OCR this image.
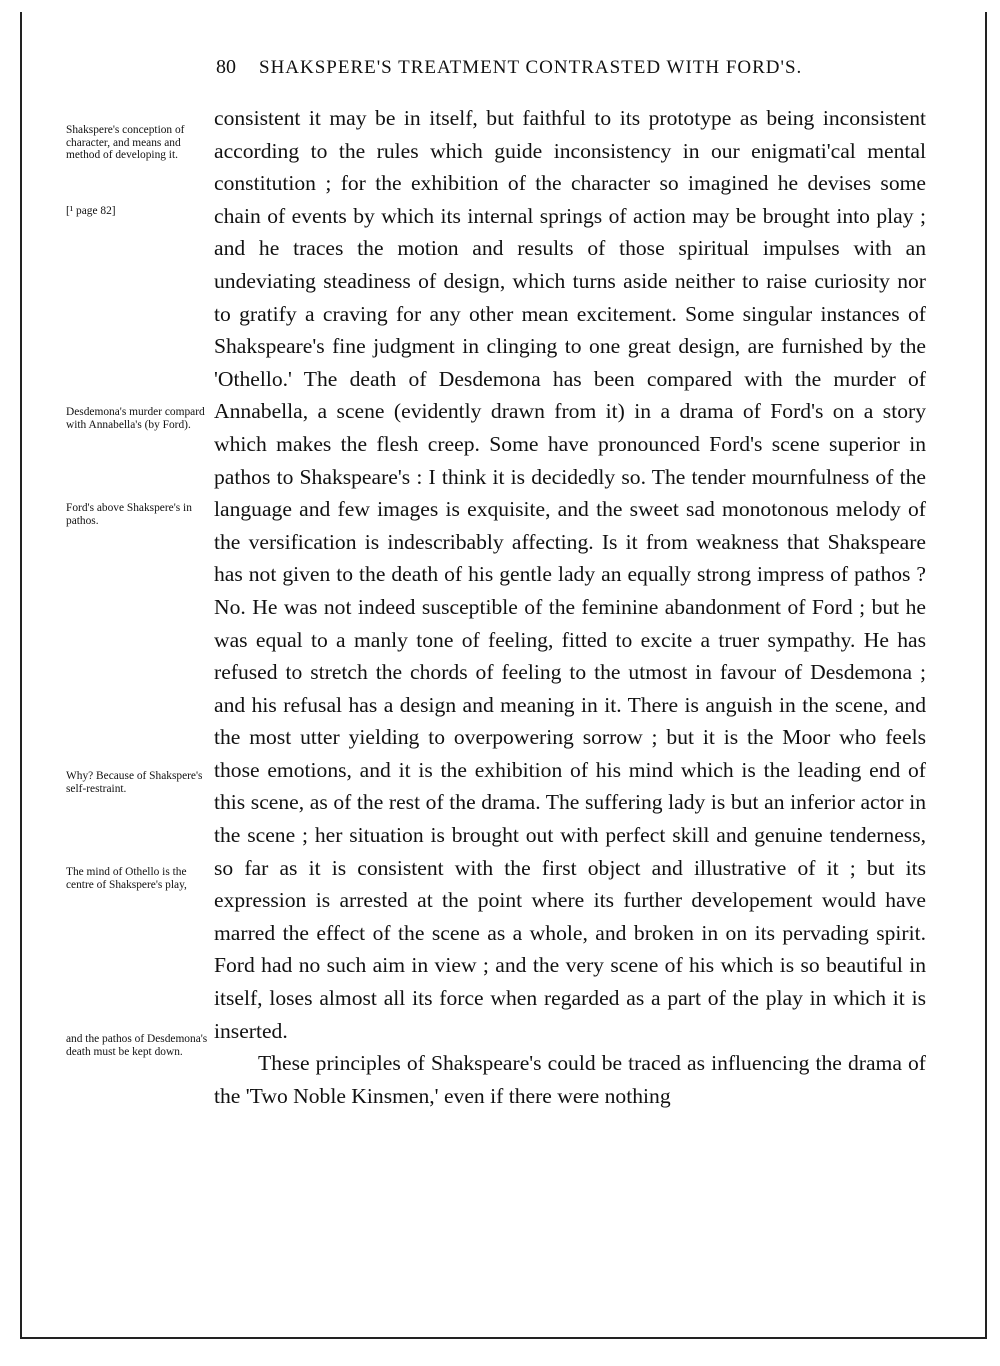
80 SHAKSPERE'S TREATMENT CONTRASTED WITH FORD'S.
Shakspere's conception of character, and means and method of developing it.
[¹ page 82]
Desdemona's murder compard with Annabella's (by Ford).
Ford's above Shakspere's in pathos.
Why? Because of Shakspere's self-restraint.
The mind of Othello is the centre of Shakspere's play,
and the pathos of Desdemona's death must be kept down.

consistent it may be in itself, but faithful to its prototype as being inconsistent according to the rules which guide inconsistency in our enigmati'cal mental constitution ; for the exhibition of the character so imagined he devises some chain of events by which its internal springs of action may be brought into play ; and he traces the motion and results of those spiritual impulses with an undeviating steadiness of design, which turns aside neither to raise curiosity nor to gratify a craving for any other mean excitement. Some singular instances of Shakspeare's fine judgment in clinging to one great design, are furnished by the 'Othello.' The death of Desdemona has been compared with the murder of Annabella, a scene (evidently drawn from it) in a drama of Ford's on a story which makes the flesh creep. Some have pronounced Ford's scene superior in pathos to Shakspeare's : I think it is decidedly so. The tender mournfulness of the language and few images is exquisite, and the sweet sad monotonous melody of the versification is indescribably affecting. Is it from weakness that Shakspeare has not given to the death of his gentle lady an equally strong impress of pathos ? No. He was not indeed susceptible of the feminine abandonment of Ford ; but he was equal to a manly tone of feeling, fitted to excite a truer sympathy. He has refused to stretch the chords of feeling to the utmost in favour of Desdemona ; and his refusal has a design and meaning in it. There is anguish in the scene, and the most utter yielding to overpowering sorrow ; but it is the Moor who feels those emotions, and it is the exhibition of his mind which is the leading end of this scene, as of the rest of the drama. The suffering lady is but an inferior actor in the scene ; her situation is brought out with perfect skill and genuine tenderness, so far as it is consistent with the first object and illustrative of it ; but its expression is arrested at the point where its further developement would have marred the effect of the scene as a whole, and broken in on its pervading spirit. Ford had no such aim in view ; and the very scene of his which is so beautiful in itself, loses almost all its force when regarded as a part of the play in which it is inserted.

These principles of Shakspeare's could be traced as influencing the drama of the 'Two Noble Kinsmen,' even if there were nothing
